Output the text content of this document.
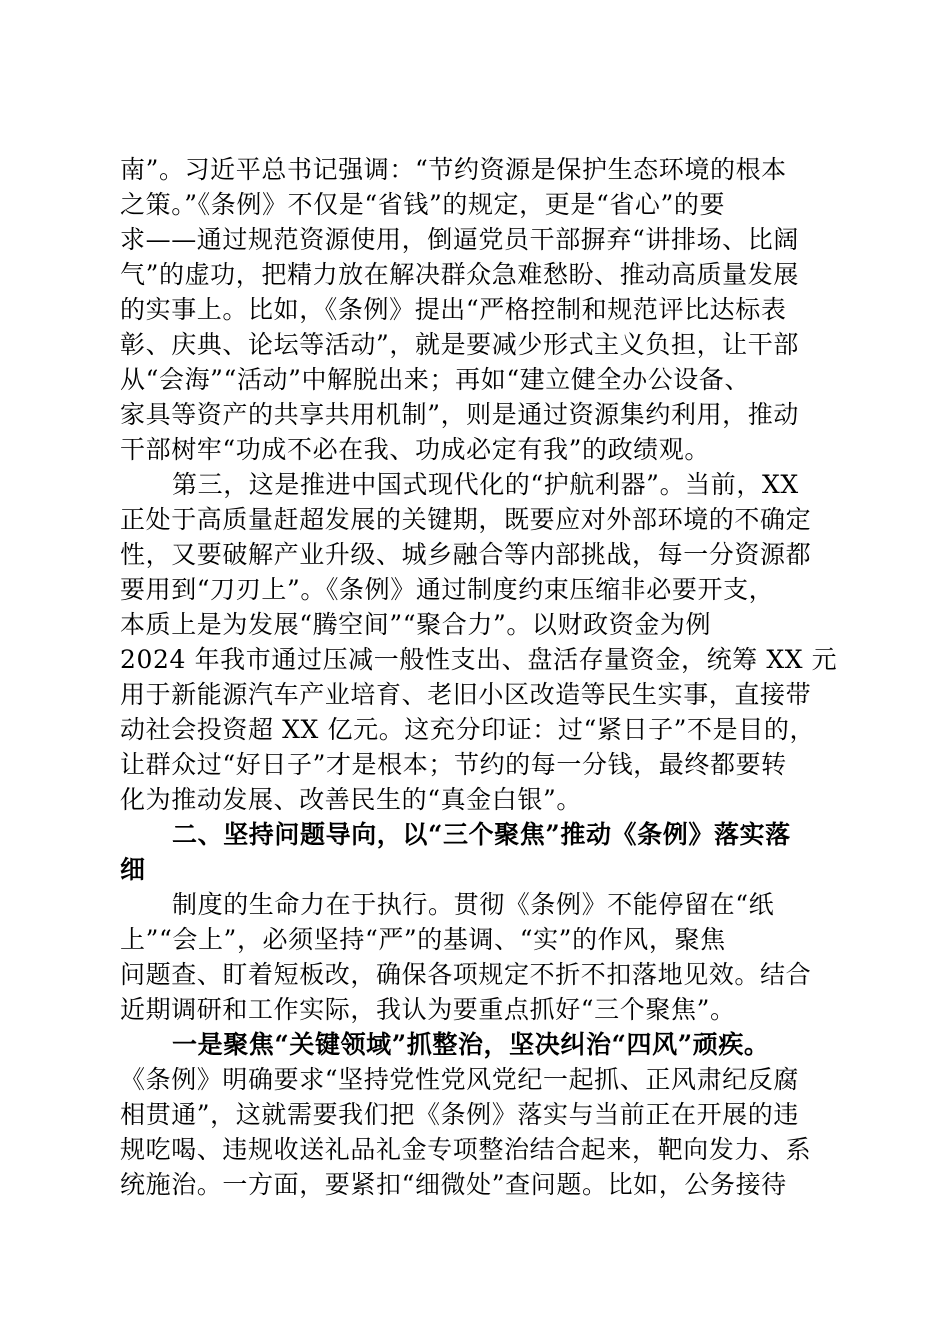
南”。习近平总书记强调：“节约资源是保护生态环境的根本
之策。”《条例》不仅是“省钱”的规定，更是“省心”的要
求——通过规范资源使用，倒逼党员干部摒弃“讲排场、比阔
气”的虚功，把精力放在解决群众急难愁盼、推动高质量发展
的实事上。比如，《条例》提出“严格控制和规范评比达标表
彰、庆典、论坛等活动”，就是要减少形式主义负担，让干部
从“会海”“活动”中解脱出来；再如“建立健全办公设备、
家具等资产的共享共用机制”，则是通过资源集约利用，推动
干部树牢“功成不必在我、功成必定有我”的政绩观。
第三，这是推进中国式现代化的“护航利器”。当前，XX
正处于高质量赶超发展的关键期，既要应对外部环境的不确定
性，又要破解产业升级、城乡融合等内部挑战，每一分资源都
要用到“刀刃上”。《条例》通过制度约束压缩非必要开支，
本质上是为发展“腾空间”“聚合力”。以财政资金为例
2024 年我市通过压减一般性支出、盘活存量资金，统筹 XX 元
用于新能源汽车产业培育、老旧小区改造等民生实事，直接带
动社会投资超 XX 亿元。这充分印证：过“紧日子”不是目的，
让群众过“好日子”才是根本；节约的每一分钱，最终都要转
化为推动发展、改善民生的“真金白银”。
二、坚持问题导向，以“三个聚焦”推动《条例》落实落
细
制度的生命力在于执行。贯彻《条例》不能停留在“纸
上”“会上”，必须坚持“严”的基调、“实”的作风，聚焦
问题查、盯着短板改，确保各项规定不折不扣落地见效。结合
近期调研和工作实际，我认为要重点抓好“三个聚焦”。
一是聚焦“关键领域”抓整治，坚决纠治“四风”顽疾。
《条例》明确要求“坚持党性党风党纪一起抓、正风肃纪反腐
相贯通”，这就需要我们把《条例》落实与当前正在开展的违
规吃喝、违规收送礼品礼金专项整治结合起来，靶向发力、系
统施治。一方面，要紧扣“细微处”查问题。比如，公务接待
